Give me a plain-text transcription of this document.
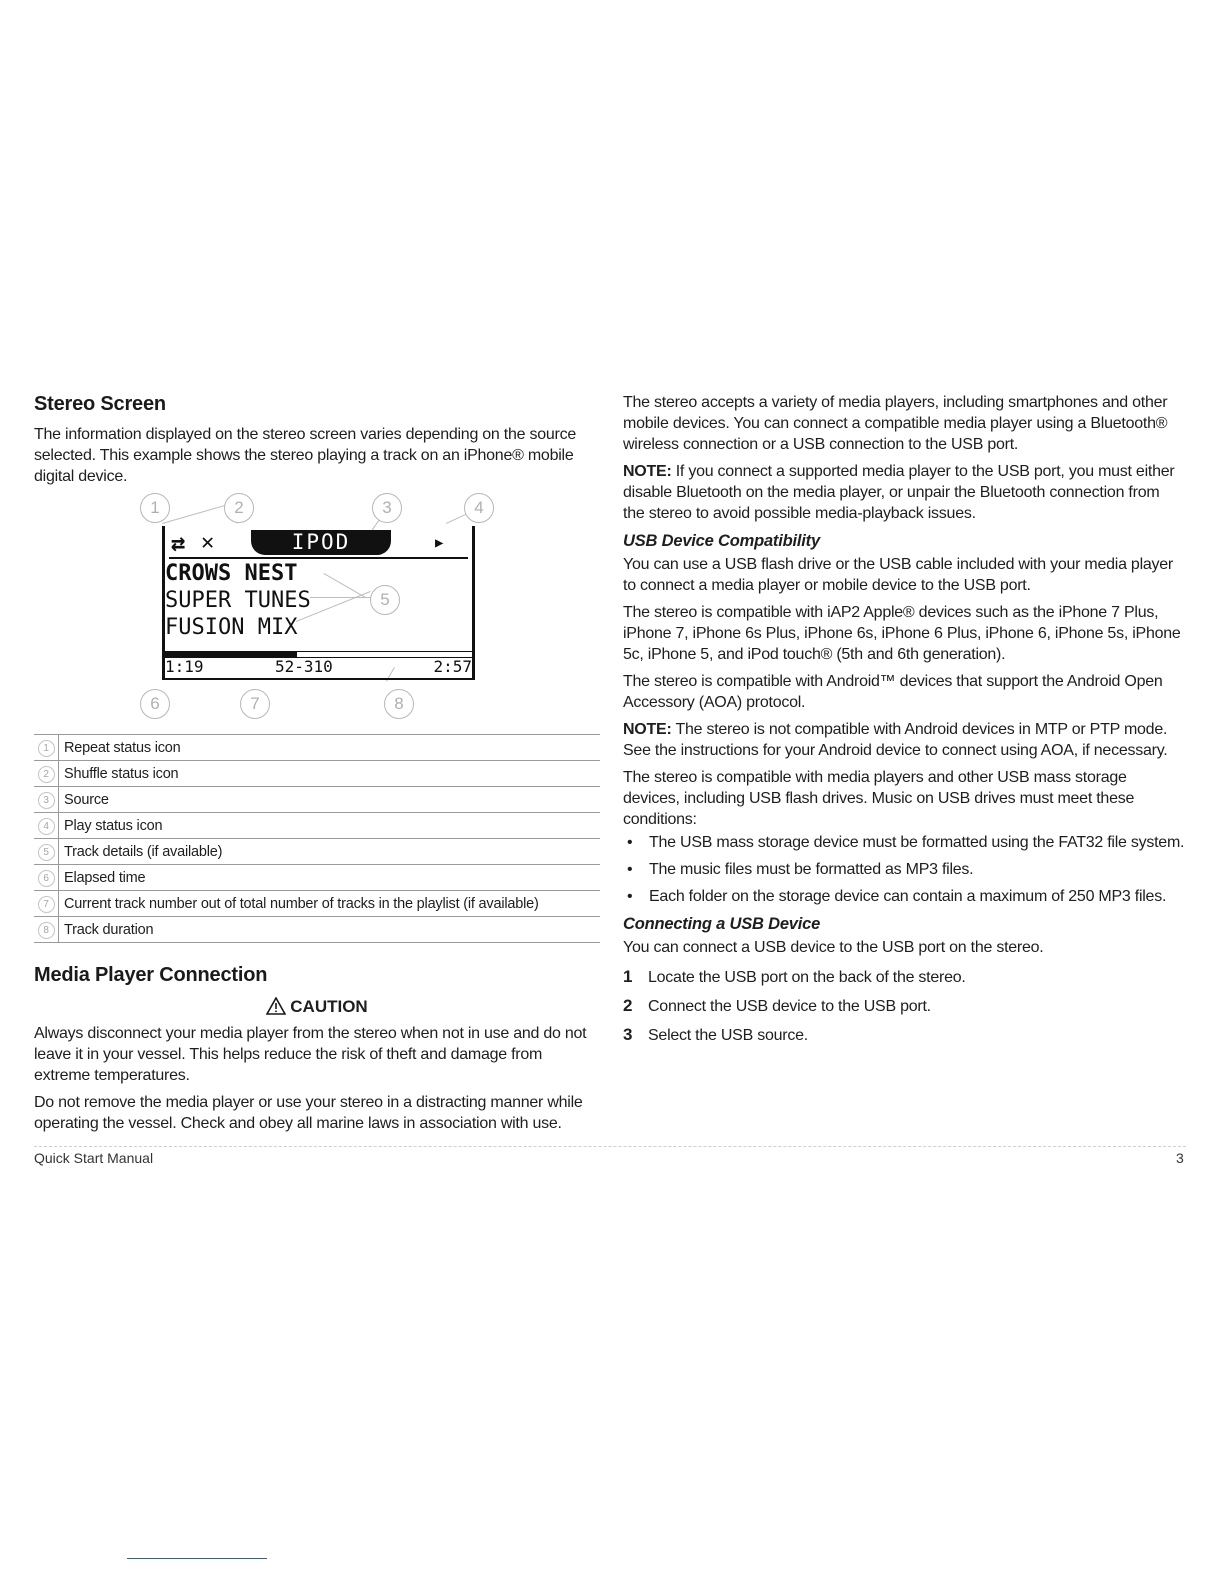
Stereo Screen

The information displayed on the stereo screen varies depending on the source selected. This example shows the stereo playing a track on an iPhone® mobile digital device.

1	2	3	4
5
6	7	8
⇄ ✕	IPOD	▶
CROWS NEST
SUPER TUNES
FUSION MIX
1:19	52-310	2:57
1	Repeat status icon
2	Shuffle status icon
3	Source
4	Play status icon
5	Track details (if available)
6	Elapsed time
7	Current track number out of total number of tracks in the playlist (if available)
8	Track duration
Media Player Connection
CAUTION

Always disconnect your media player from the stereo when not in use and do not leave it in your vessel. This helps reduce the risk of theft and damage from extreme temperatures.

Do not remove the media player or use your stereo in a distracting manner while operating the vessel. Check and obey all marine laws in association with use.

The stereo accepts a variety of media players, including smartphones and other mobile devices. You can connect a compatible media player using a Bluetooth® wireless connection or a USB connection to the USB port.

NOTE: If you connect a supported media player to the USB port, you must either disable Bluetooth on the media player, or unpair the Bluetooth connection from the stereo to avoid possible media-playback issues.

USB Device Compatibility

You can use a USB flash drive or the USB cable included with your media player to connect a media player or mobile device to the USB port.

The stereo is compatible with iAP2 Apple® devices such as the iPhone 7 Plus, iPhone 7, iPhone 6s Plus, iPhone 6s, iPhone 6 Plus, iPhone 6, iPhone 5s, iPhone 5c, iPhone 5, and iPod touch® (5th and 6th generation).

The stereo is compatible with Android™ devices that support the Android Open Accessory (AOA) protocol.

NOTE: The stereo is not compatible with Android devices in MTP or PTP mode. See the instructions for your Android device to connect using AOA, if necessary.

The stereo is compatible with media players and other USB mass storage devices, including USB flash drives. Music on USB drives must meet these conditions:

• The USB mass storage device must be formatted using the FAT32 file system.
• The music files must be formatted as MP3 files.
• Each folder on the storage device can contain a maximum of 250 MP3 files.
Connecting a USB Device

You can connect a USB device to the USB port on the stereo.

1 Locate the USB port on the back of the stereo.
2 Connect the USB device to the USB port.
3 Select the USB source.
Quick Start Manual	3
